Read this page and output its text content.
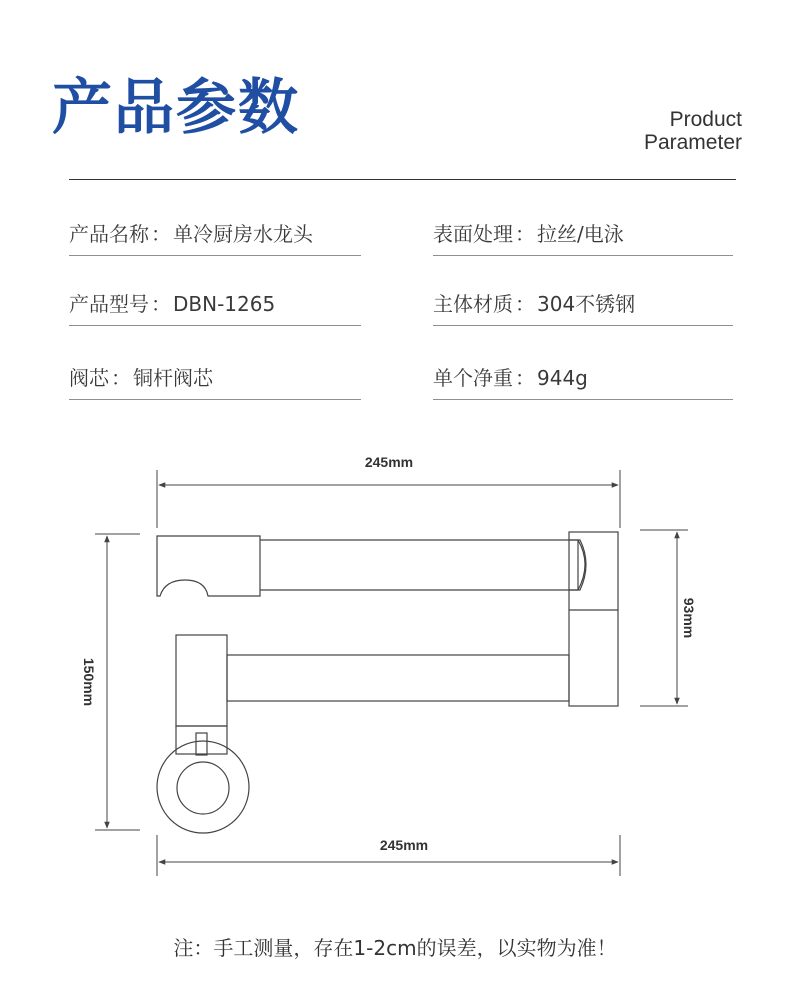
产品参数	Product
Parameter
产品名称 ： 单冷厨房水龙头	表面处理 ： 拉丝/电泳
产品型号 ： DBN-1265	主体材质 ： 304不锈钢
阀芯 ： 铜杆阀芯	单个净重 ： 944g
245mm
245mm
150mm
93mm
注：手工测量，存在1-2cm的误差，以实物为准！
